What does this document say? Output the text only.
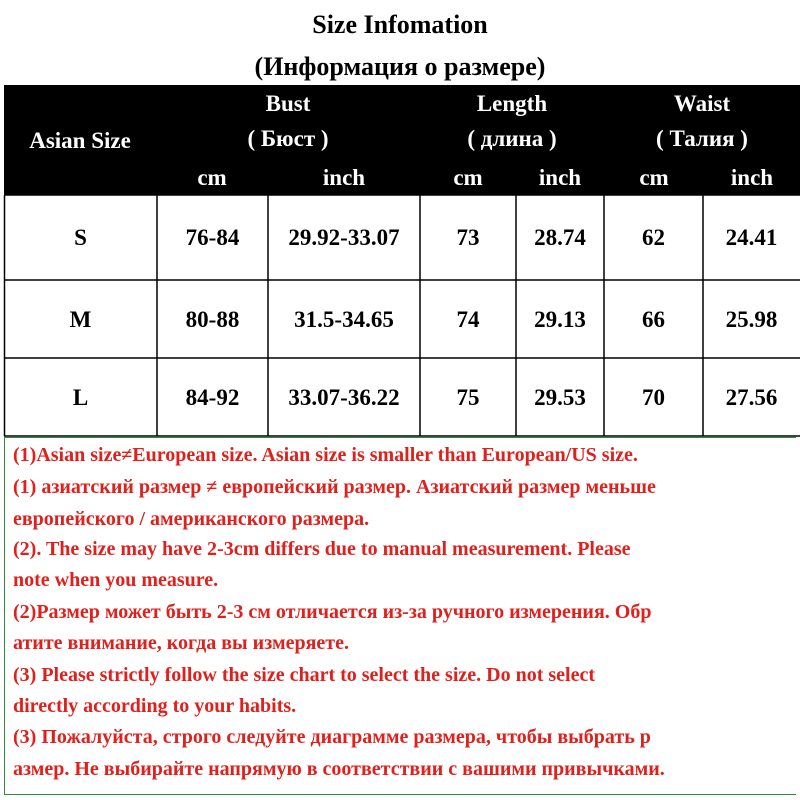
Size Infomation
(Информация о размере)
Asian Size
Bust
( Бюст )
cm	inch
Length
( длина )
cm	inch
Waist
( Талия )
cm	inch
S	76-84	29.92-33.07	73	28.74	62	24.41
M	80-88	31.5-34.65	74	29.13	66	25.98
L	84-92	33.07-36.22	75	29.53	70	27.56
(1)Asian size≠European size. Asian size is smaller than European/US size.
(1) азиатский размер ≠ европейский размер. Азиатский размер меньше
европейского / американского размера.
(2). The size may have 2-3cm differs due to manual measurement. Please
note when you measure.
(2)Размер может быть 2-3 см отличается из-за ручного измерения. Обр
атите внимание, когда вы измеряете.
(3) Please strictly follow the size chart to select the size. Do not select
directly according to your habits.
(3) Пожалуйста, строго следуйте диаграмме размера, чтобы выбрать р
азмер. Не выбирайте напрямую в соответствии с вашими привычками.
